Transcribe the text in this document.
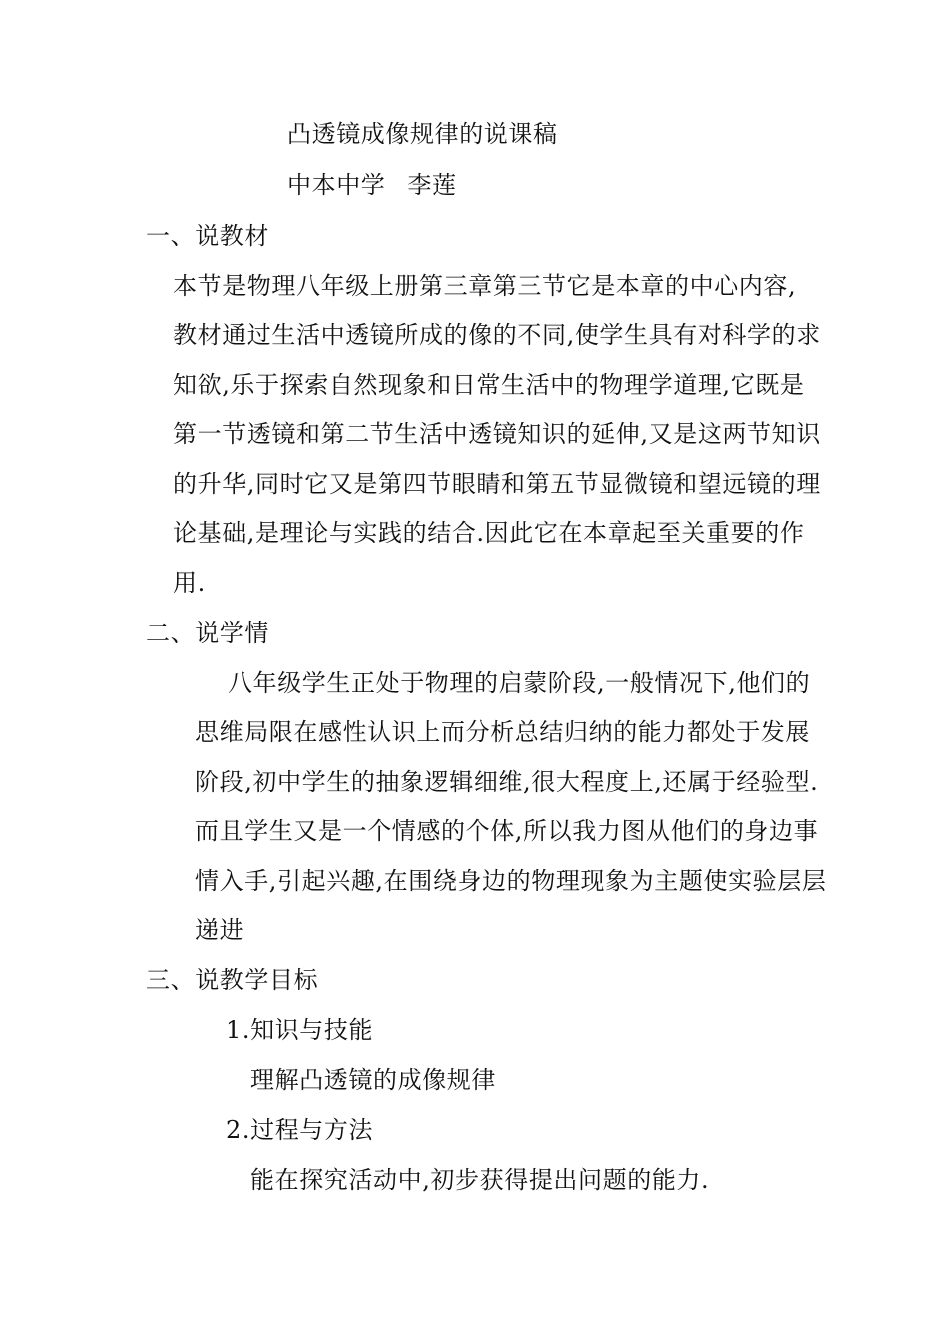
凸透镜成像规律的说课稿
中本中学 李莲
一、说教材
本节是物理八年级上册第三章第三节它是本章的中心内容,
教材通过生活中透镜所成的像的不同,使学生具有对科学的求
知欲,乐于探索自然现象和日常生活中的物理学道理,它既是
第一节透镜和第二节生活中透镜知识的延伸,又是这两节知识
的升华,同时它又是第四节眼睛和第五节显微镜和望远镜的理
论基础,是理论与实践的结合.因此它在本章起至关重要的作
用.
二、说学情
八年级学生正处于物理的启蒙阶段,一般情况下,他们的
思维局限在感性认识上而分析总结归纳的能力都处于发展
阶段,初中学生的抽象逻辑细维,很大程度上,还属于经验型.
而且学生又是一个情感的个体,所以我力图从他们的身边事
情入手,引起兴趣,在围绕身边的物理现象为主题使实验层层
递进
三、说教学目标
1.知识与技能
理解凸透镜的成像规律
2.过程与方法
能在探究活动中,初步获得提出问题的能力.
